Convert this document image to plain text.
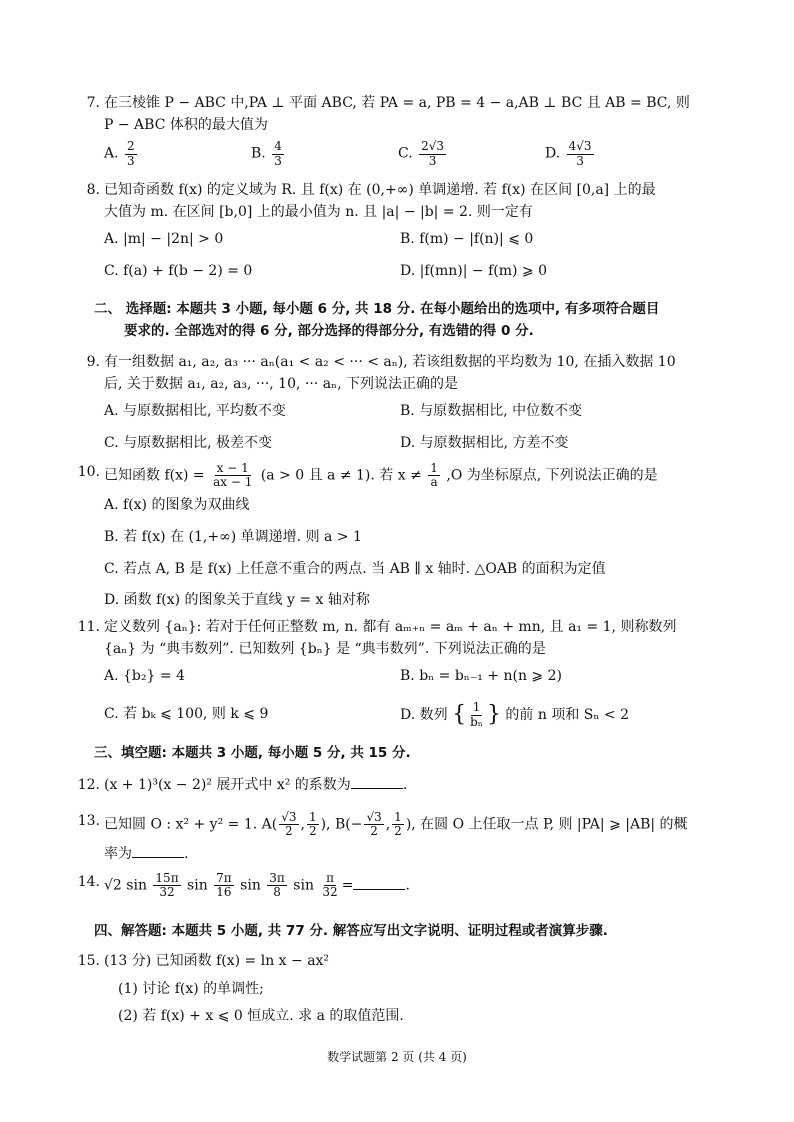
7. 在三棱锥 P − ABC 中,PA ⊥ 平面 ABC, 若 PA = a, PB = 4 − a,AB ⊥ BC 且 AB = BC, 则
P − ABC 体积的最大值为
A. $\frac{2}{3}$	B. $\frac{4}{3}$	C. $\frac{2√3}{3}$	D. $\frac{4√3}{3}$
8. 已知奇函数 f(x) 的定义域为 R. 且 f(x) 在 (0,+∞) 单调递增. 若 f(x) 在区间 [0,a] 上的最
大值为 m. 在区间 [b,0] 上的最小值为 n. 且 |a| − |b| = 2. 则一定有
A. |m| − |2n| > 0	B. f(m) − |f(n)| ⩽ 0
C. f(a) + f(b − 2) = 0	D. |f(mn)| − f(m) ⩾ 0
二、 选择题: 本题共 3 小题, 每小题 6 分, 共 18 分. 在每小题给出的选项中, 有多项符合题目
要求的. 全部选对的得 6 分, 部分选择的得部分分, 有选错的得 0 分.
9. 有一组数据 a₁, a₂, a₃ ··· aₙ(a₁ < a₂ < ··· < aₙ), 若该组数据的平均数为 10, 在插入数据 10
后, 关于数据 a₁, a₂, a₃, ···, 10, ··· aₙ, 下列说法正确的是
A. 与原数据相比, 平均数不变	B. 与原数据相比, 中位数不变
C. 与原数据相比, 极差不变	D. 与原数据相比, 方差不变
10. 已知函数 $f(x) = \frac{x - 1}{ax - 1} (a > 0$ 且 a ≠ 1). 若 $x \ne \frac{1}{a} ,O$ 为坐标原点, 下列说法正确的是
A. f(x) 的图象为双曲线
B. 若 f(x) 在 (1,+∞) 单调递增. 则 a > 1
C. 若点 A, B 是 f(x) 上任意不重合的两点. 当 AB ∥ x 轴时. △OAB 的面积为定值
D. 函数 f(x) 的图象关于直线 y = x 轴对称
11. 定义数列 {aₙ}: 若对于任何正整数 m, n. 都有 aₘ₊ₙ = aₘ + aₙ + mn, 且 a₁ = 1, 则称数列
{aₙ} 为 “典韦数列”. 已知数列 {bₙ} 是 “典韦数列”. 下列说法正确的是
A. {b₂} = 4	B. bₙ = bₙ₋₁ + n(n ⩾ 2)
C. 若 bₖ ⩽ 100, 则 k ⩽ 9	D. 数列 { $\frac{1}{\text{bₙ}}$ } 的前 n 项和 Sₙ < 2
三、填空题: 本题共 3 小题, 每小题 5 分, 共 15 分.
12. (x + 1)³(x − 2)² 展开式中 x² 的系数为	.
13. 已知圆 O : x² + y² = 1. $A( \frac{√3}{2}$ , $\frac{1}{2}$ ), $B(- \frac{√3}{2}$ , $\frac{1}{2}$ ), 在圆 O 上任取一点 P, 则 |PA| ⩾ |AB| 的概
率为	.
14. √2 $\sin \frac{15\pi}{32}$ $\sin \frac{7\pi}{16}$ $\sin \frac{3\pi}{8}$ $\sin \frac{\pi}{32}$ =	.
四、解答题: 本题共 5 小题, 共 77 分. 解答应写出文字说明、证明过程或者演算步骤.
15. (13 分) 已知函数 f(x) = ln x − ax²
(1) 讨论 f(x) 的单调性;
(2) 若 f(x) + x ⩽ 0 恒成立. 求 a 的取值范围.
数学试题第 2 页 (共 4 页)
